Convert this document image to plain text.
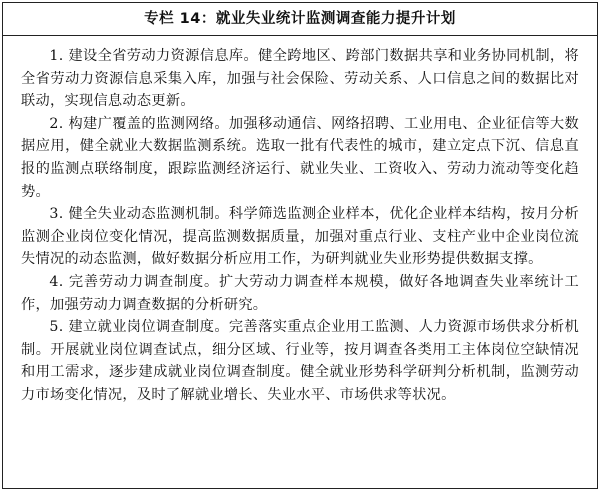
专栏 14：就业失业统计监测调查能力提升计划

1. 建设全省劳动力资源信息库。健全跨地区、跨部门数据共享和业务协同机制，将全省劳动力资源信息采集入库，加强与社会保险、劳动关系、人口信息之间的数据比对联动，实现信息动态更新。

2. 构建广覆盖的监测网络。加强移动通信、网络招聘、工业用电、企业征信等大数据应用，健全就业大数据监测系统。选取一批有代表性的城市，建立定点下沉、信息直报的监测点联络制度，跟踪监测经济运行、就业失业、工资收入、劳动力流动等变化趋势。

3. 健全失业动态监测机制。科学筛选监测企业样本，优化企业样本结构，按月分析监测企业岗位变化情况，提高监测数据质量，加强对重点行业、支柱产业中企业岗位流失情况的动态监测，做好数据分析应用工作，为研判就业失业形势提供数据支撑。

4. 完善劳动力调查制度。扩大劳动力调查样本规模，做好各地调查失业率统计工作，加强劳动力调查数据的分析研究。

5. 建立就业岗位调查制度。完善落实重点企业用工监测、人力资源市场供求分析机制。开展就业岗位调查试点，细分区域、行业等，按月调查各类用工主体岗位空缺情况和用工需求，逐步建成就业岗位调查制度。健全就业形势科学研判分析机制，监测劳动力市场变化情况，及时了解就业增长、失业水平、市场供求等状况。
